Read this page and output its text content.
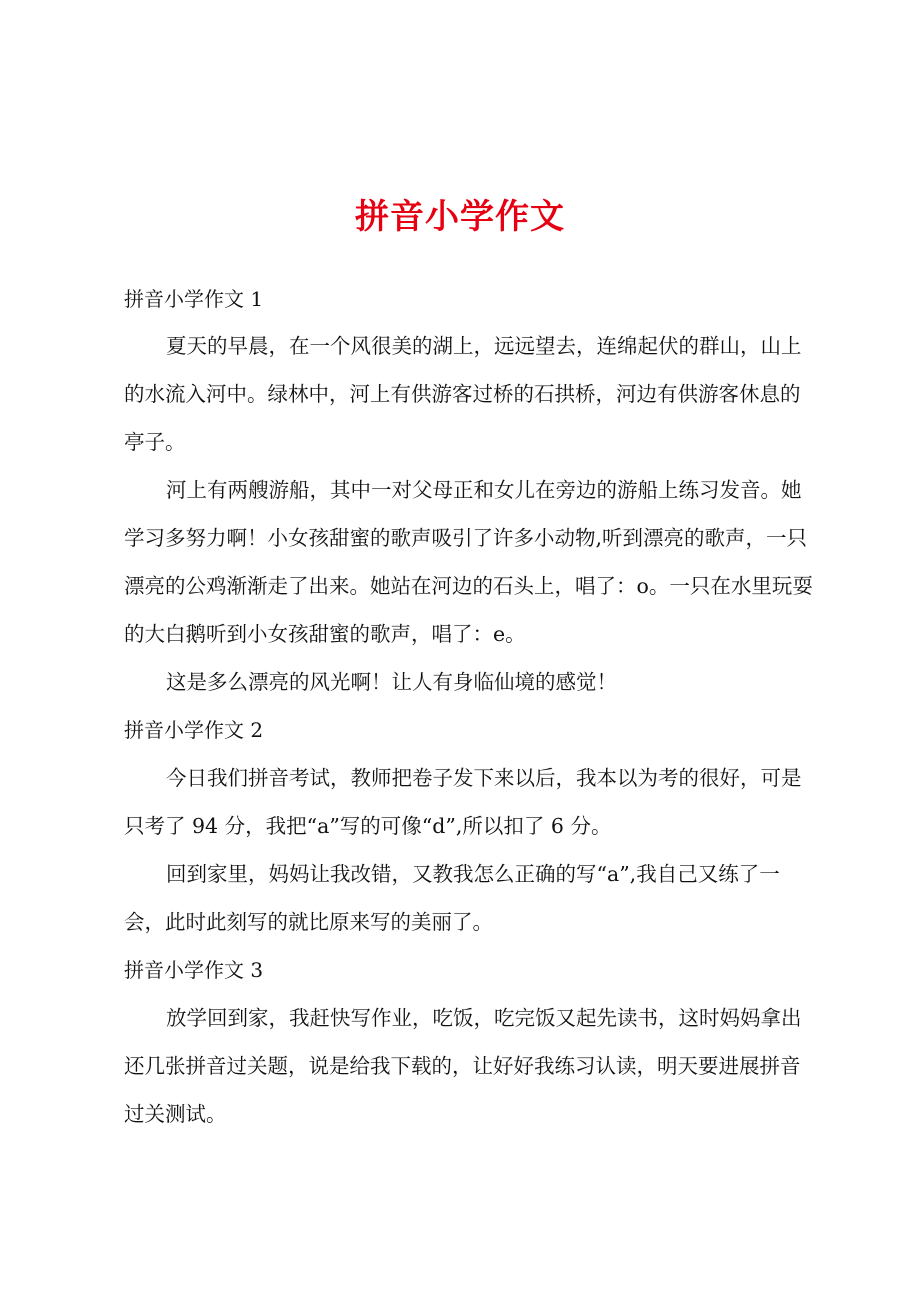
拼音小学作文
拼音小学作文 1

夏天的早晨，在一个风很美的湖上，远远望去，连绵起伏的群山，山上的水流入河中。绿林中，河上有供游客过桥的石拱桥，河边有供游客休息的亭子。

河上有两艘游船，其中一对父母正和女儿在旁边的游船上练习发音。她学习多努力啊！小女孩甜蜜的歌声吸引了许多小动物,听到漂亮的歌声，一只漂亮的公鸡渐渐走了出来。她站在河边的石头上，唱了：o。一只在水里玩耍的大白鹅听到小女孩甜蜜的歌声，唱了：e。

这是多么漂亮的风光啊！让人有身临仙境的感觉！

拼音小学作文 2

今日我们拼音考试，教师把卷子发下来以后，我本以为考的很好，可是只考了 94 分，我把“a”写的可像“d”,所以扣了 6 分。

回到家里，妈妈让我改错，又教我怎么正确的写“a”,我自己又练了一会，此时此刻写的就比原来写的美丽了。

拼音小学作文 3

放学回到家，我赶快写作业，吃饭，吃完饭又起先读书，这时妈妈拿出还几张拼音过关题，说是给我下载的，让好好我练习认读，明天要进展拼音过关测试。
